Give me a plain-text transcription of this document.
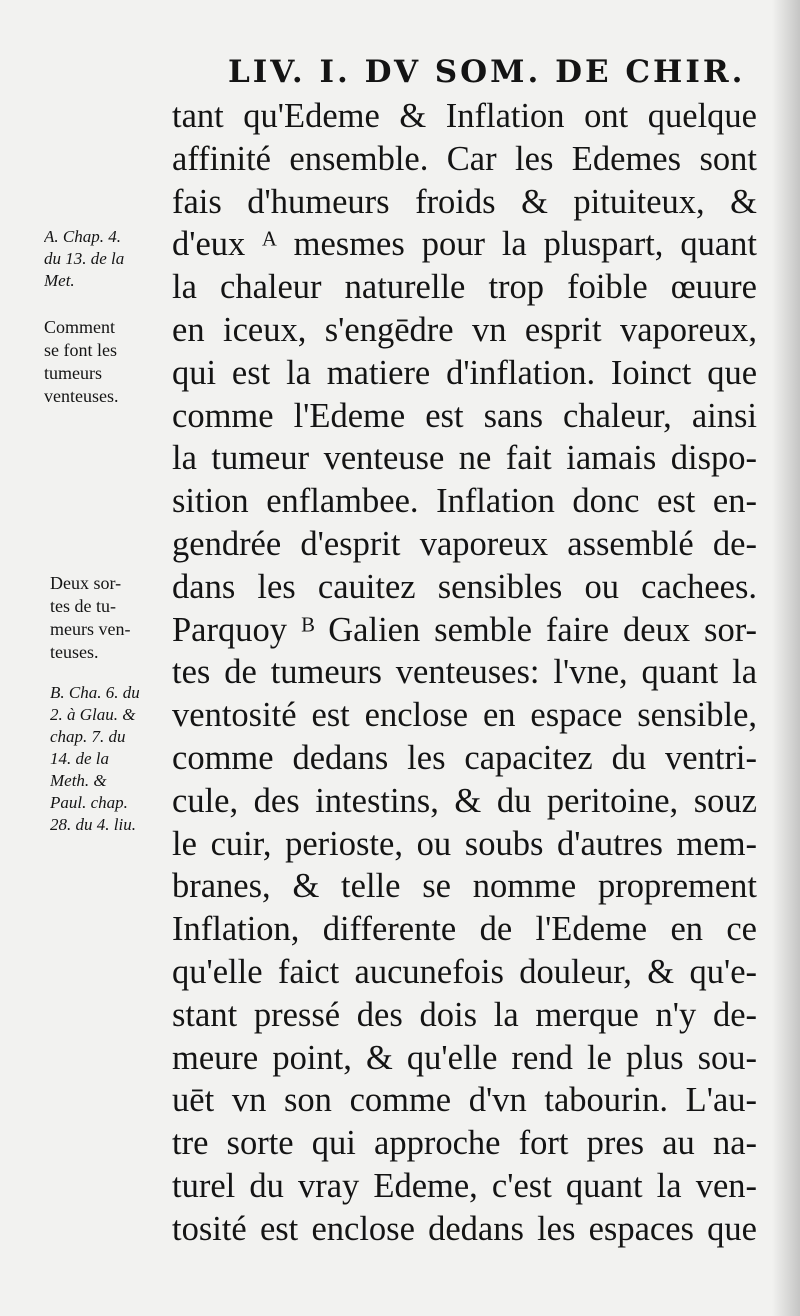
LIV. I. DV SOM. DE CHIR.
A. Chap. 4.
du 13. de la
Met.
Comment
se font les
tumeurs
venteuses.
Deux sor-
tes de tu-
meurs ven-
teuses.
B. Cha. 6. du
2. à Glau. &
chap. 7. du
14. de la
Meth. &
Paul. chap.
28. du 4. liu.
tant qu'Edeme & Inflation ont quelque
affinité ensemble. Car les Edemes sont
fais d'humeurs froids & pituiteux, &
d'eux ᴬ mesmes pour la pluspart, quant
la chaleur naturelle trop foible œuure
en iceux, s'engēdre vn esprit vaporeux,
qui est la matiere d'inflation. Ioinct que
comme l'Edeme est sans chaleur, ainsi
la tumeur venteuse ne fait iamais dispo-
sition enflambee. Inflation donc est en-
gendrée d'esprit vaporeux assemblé de-
dans les cauitez sensibles ou cachees.
Parquoy ᴮ Galien semble faire deux sor-
tes de tumeurs venteuses: l'vne, quant la
ventosité est enclose en espace sensible,
comme dedans les capacitez du ventri-
cule, des intestins, & du peritoine, souz
le cuir, perioste, ou soubs d'autres mem-
branes, & telle se nomme proprement
Inflation, differente de l'Edeme en ce
qu'elle faict aucunefois douleur, & qu'e-
stant pressé des dois la merque n'y de-
meure point, & qu'elle rend le plus sou-
uēt vn son comme d'vn tabourin. L'au-
tre sorte qui approche fort pres au na-
turel du vray Edeme, c'est quant la ven-
tosité est enclose dedans les espaces que
